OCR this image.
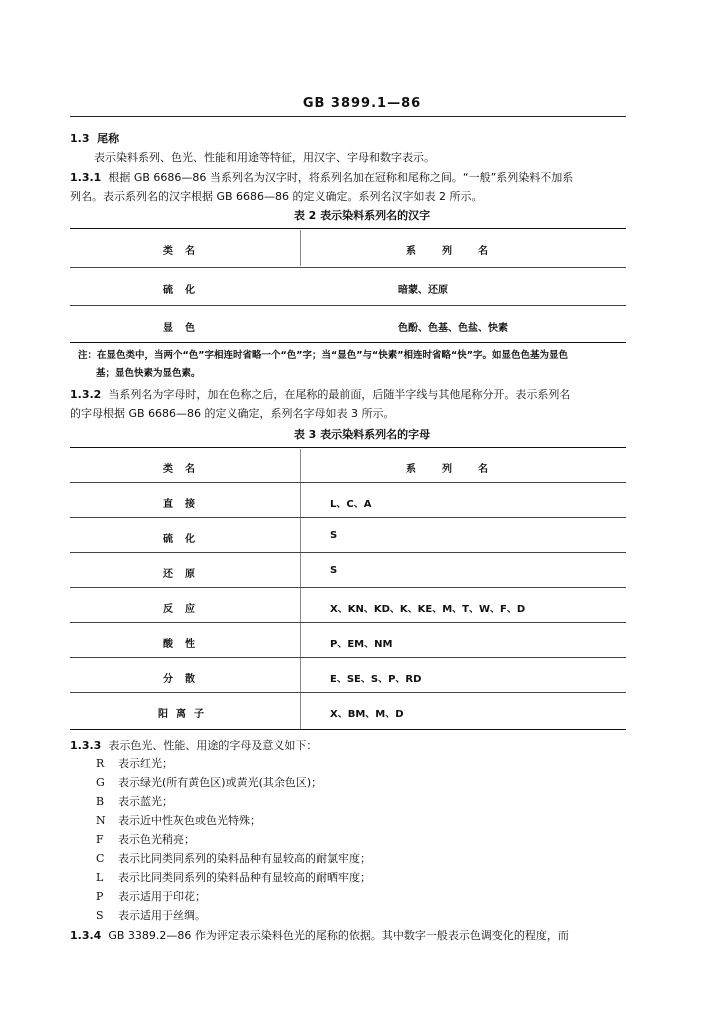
GB 3899.1—86
1.3 尾称
表示染料系列、色光、性能和用途等特征，用汉字、字母和数字表示。
1.3.1 根据 GB 6686—86 当系列名为汉字时，将系列名加在冠称和尾称之间。“一般”系列染料不加系
列名。表示系列名的汉字根据 GB 6686—86 的定义确定。系列名汉字如表 2 所示。
表 2 表示染料系列名的汉字
类名	系列名
硫化	暗蒙、还原
显色	色酚、色基、色盐、快素
注：在显色类中，当两个“色”字相连时省略一个“色”字；当“显色”与“快素”相连时省略“快”字。如显色色基为显色
基；显色快素为显色素。
1.3.2 当系列名为字母时，加在色称之后，在尾称的最前面，后随半字线与其他尾称分开。表示系列名
的字母根据 GB 6686—86 的定义确定，系列名字母如表 3 所示。
表 3 表示染料系列名的字母
类名	系列名
直接	L、C、A
硫化	S
还原	S
反应	X、KN、KD、K、KE、M、T、W、F、D
酸性	P、EM、NM
分散	E、SE、S、P、RD
阳离子	X、BM、M、D
1.3.3 表示色光、性能、用途的字母及意义如下：
R 表示红光；
G 表示绿光(所有黄色区)或黄光(其余色区)；
B 表示蓝光；
N 表示近中性灰色或色光特殊；
F 表示色光稍亮；
C 表示比同类同系列的染料品种有显较高的耐氯牢度；
L 表示比同类同系列的染料品种有显较高的耐晒牢度；
P 表示适用于印花；
S 表示适用于丝绸。
1.3.4 GB 3389.2—86 作为评定表示染料色光的尾称的依据。其中数字一般表示色调变化的程度，而
